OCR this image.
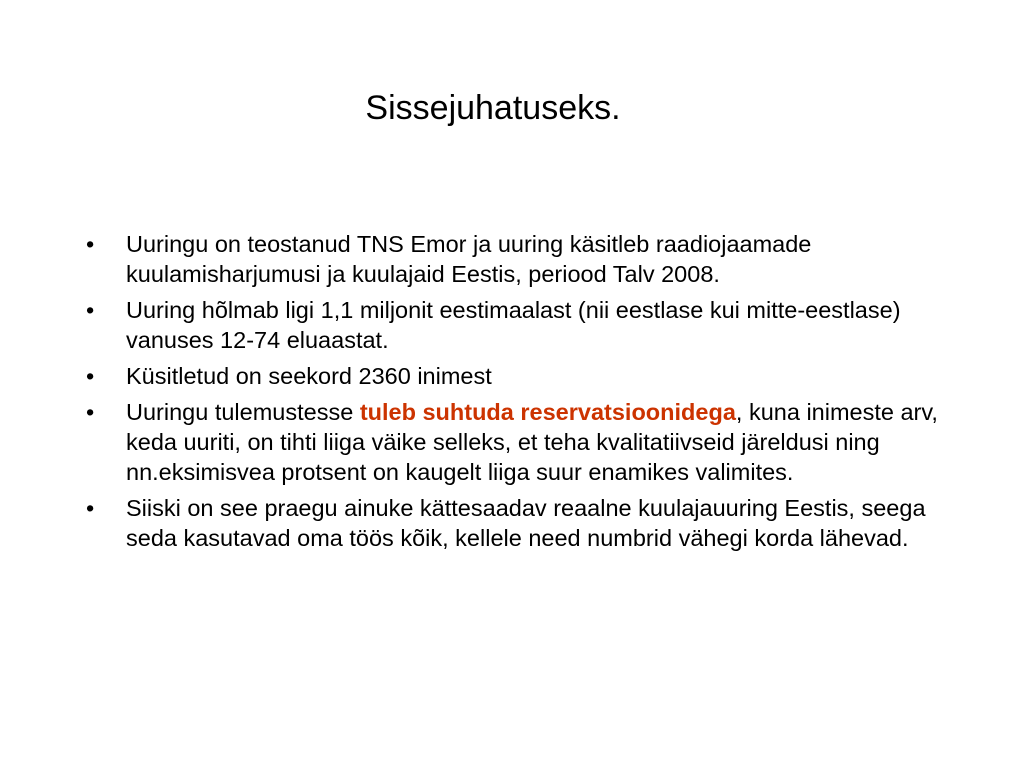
Sissejuhatuseks.
•	Uuringu on teostanud TNS Emor ja uuring käsitleb raadiojaamade kuulamisharjumusi ja kuulajaid Eestis, periood Talv 2008.
•	Uuring hõlmab ligi 1,1 miljonit eestimaalast (nii eestlase kui mitte-eestlase) vanuses 12-74 eluaastat.
•	Küsitletud on seekord 2360 inimest
•	Uuringu tulemustesse tuleb suhtuda reservatsioonidega, kuna inimeste arv, keda uuriti, on tihti liiga väike selleks, et teha kvalitatiivseid järeldusi ning nn.eksimisvea protsent on kaugelt liiga suur enamikes valimites.
•	Siiski on see praegu ainuke kättesaadav reaalne kuulajauuring Eestis, seega seda kasutavad oma töös kõik, kellele need numbrid vähegi korda lähevad.
